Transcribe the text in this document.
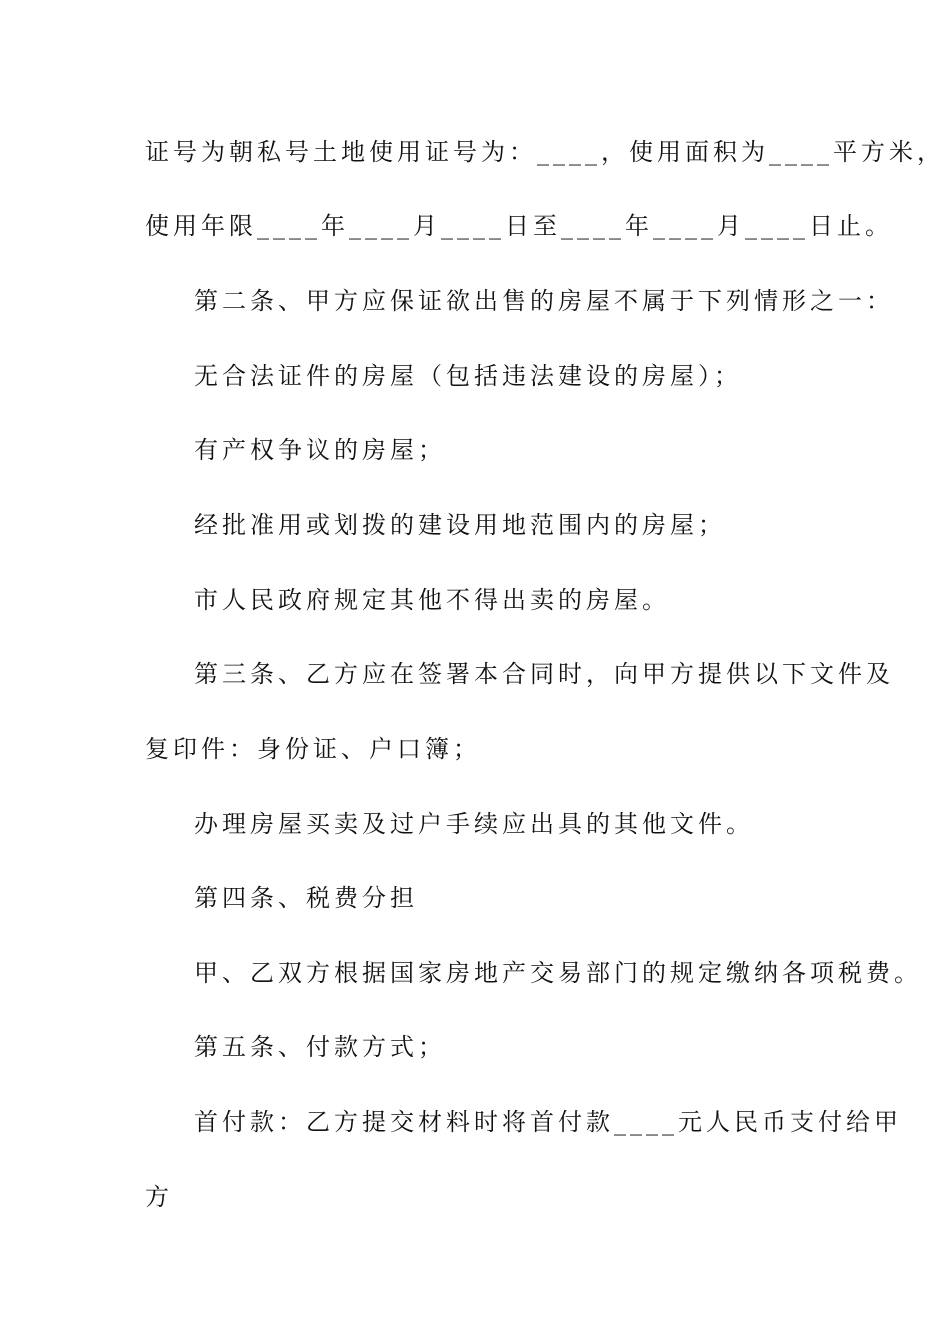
证号为朝私号土地使用证号为：____，使用面积为____平方米，
使用年限____年____月____日至____年____月____日止。
第二条、甲方应保证欲出售的房屋不属于下列情形之一：
无合法证件的房屋（包括违法建设的房屋）；
有产权争议的房屋；
经批准用或划拨的建设用地范围内的房屋；
市人民政府规定其他不得出卖的房屋。
第三条、乙方应在签署本合同时，向甲方提供以下文件及
复印件：身份证、户口簿；
办理房屋买卖及过户手续应出具的其他文件。
第四条、税费分担
甲、乙双方根据国家房地产交易部门的规定缴纳各项税费。
第五条、付款方式；
首付款：乙方提交材料时将首付款____元人民币支付给甲
方
